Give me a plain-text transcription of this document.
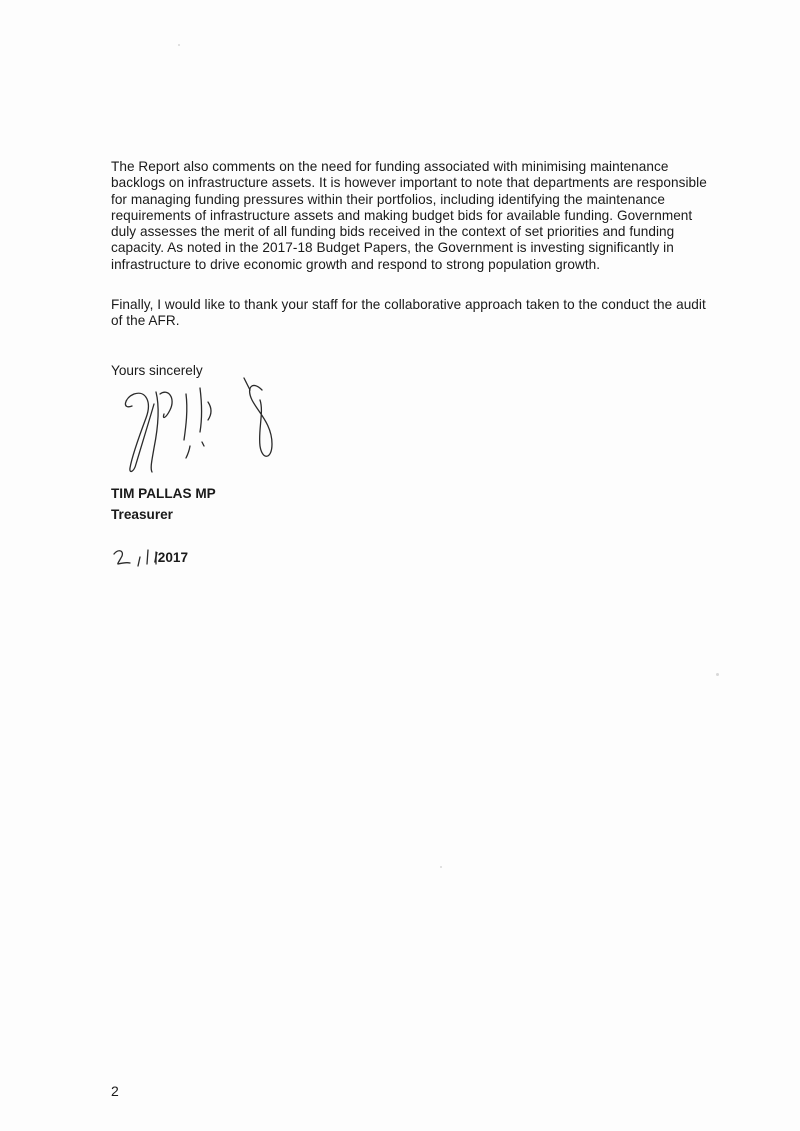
The Report also comments on the need for funding associated with minimising maintenance backlogs on infrastructure assets. It is however important to note that departments are responsible for managing funding pressures within their portfolios, including identifying the maintenance requirements of infrastructure assets and making budget bids for available funding. Government duly assesses the merit of all funding bids received in the context of set priorities and funding capacity. As noted in the 2017-18 Budget Papers, the Government is investing significantly in infrastructure to drive economic growth and respond to strong population growth.

Finally, I would like to thank your staff for the collaborative approach taken to the conduct the audit of the AFR.

Yours sincerely
TIM PALLAS MP
Treasurer
/2017
2
